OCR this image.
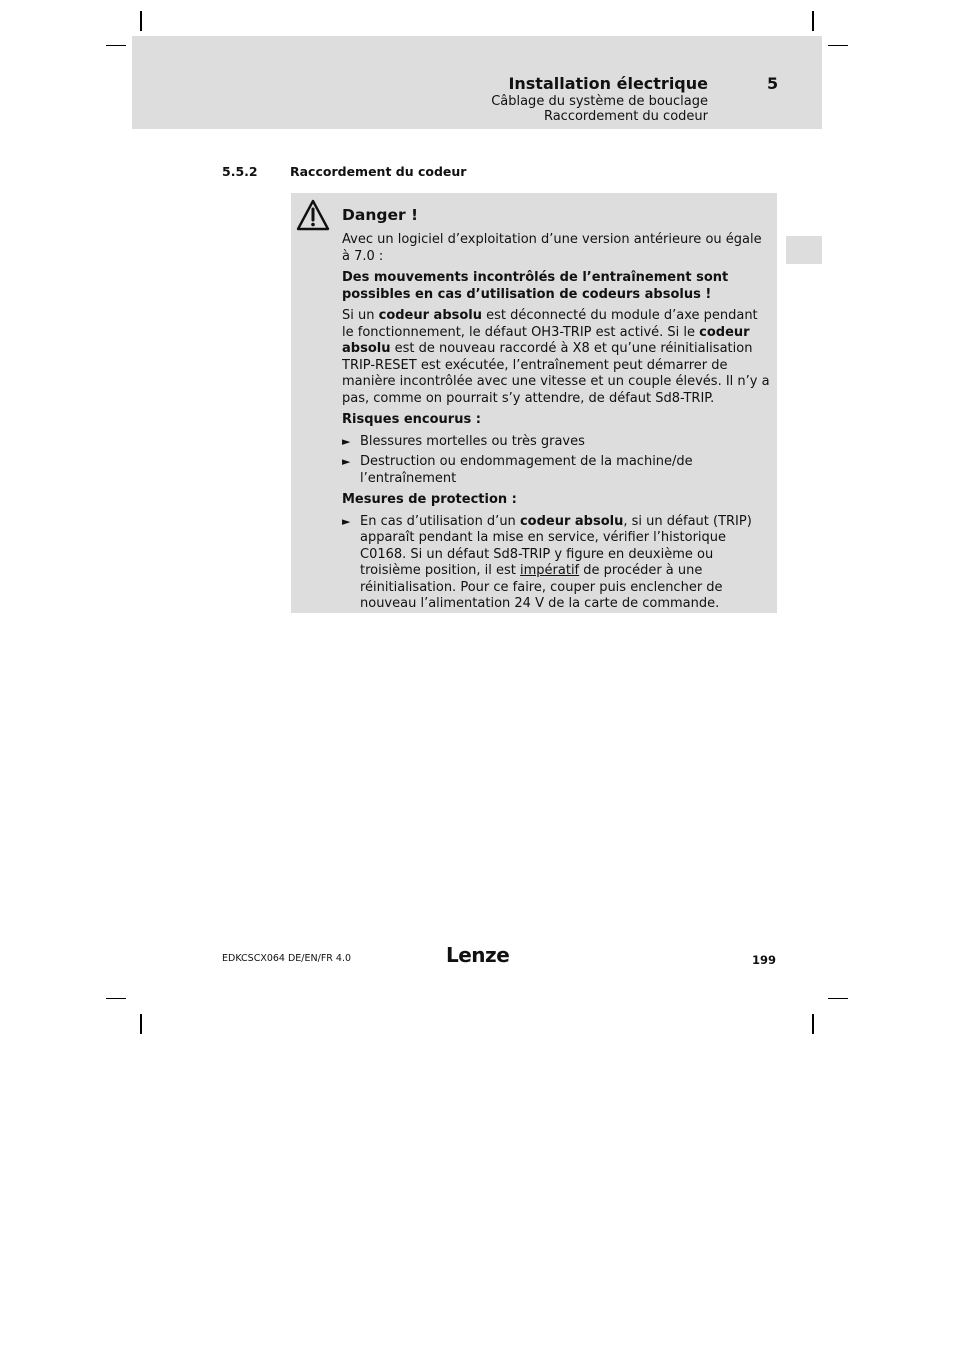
Installation électrique	5
Câblage du système de bouclage
Raccordement du codeur
5.5.2	Raccordement du codeur
Danger !

Avec un logiciel d’exploitation d’une version antérieure ou égale à 7.0 :

Des mouvements incontrôlés de l’entraînement sont possibles en cas d’utilisation de codeurs absolus !

Si un codeur absolu est déconnecté du module d’axe pendant le fonctionnement, le défaut OH3-TRIP est activé. Si le codeur absolu est de nouveau raccordé à X8 et qu’une réinitialisation TRIP-RESET est exécutée, l’entraînement peut démarrer de manière incontrôlée avec une vitesse et un couple élevés. Il n’y a pas, comme on pourrait s’y attendre, de défaut Sd8-TRIP.

Risques encourus :

► Blessures mortelles ou très graves
► Destruction ou endommagement de la machine/de l’entraînement

Mesures de protection :

► En cas d’utilisation d’un codeur absolu, si un défaut (TRIP) apparaît pendant la mise en service, vérifier l’historique C0168. Si un défaut Sd8-TRIP y figure en deuxième ou troisième position, il est impératif de procéder à une réinitialisation. Pour ce faire, couper puis enclencher de nouveau l’alimentation 24 V de la carte de commande.
EDKCSCX064 DE/EN/FR 4.0	Lenze	199
